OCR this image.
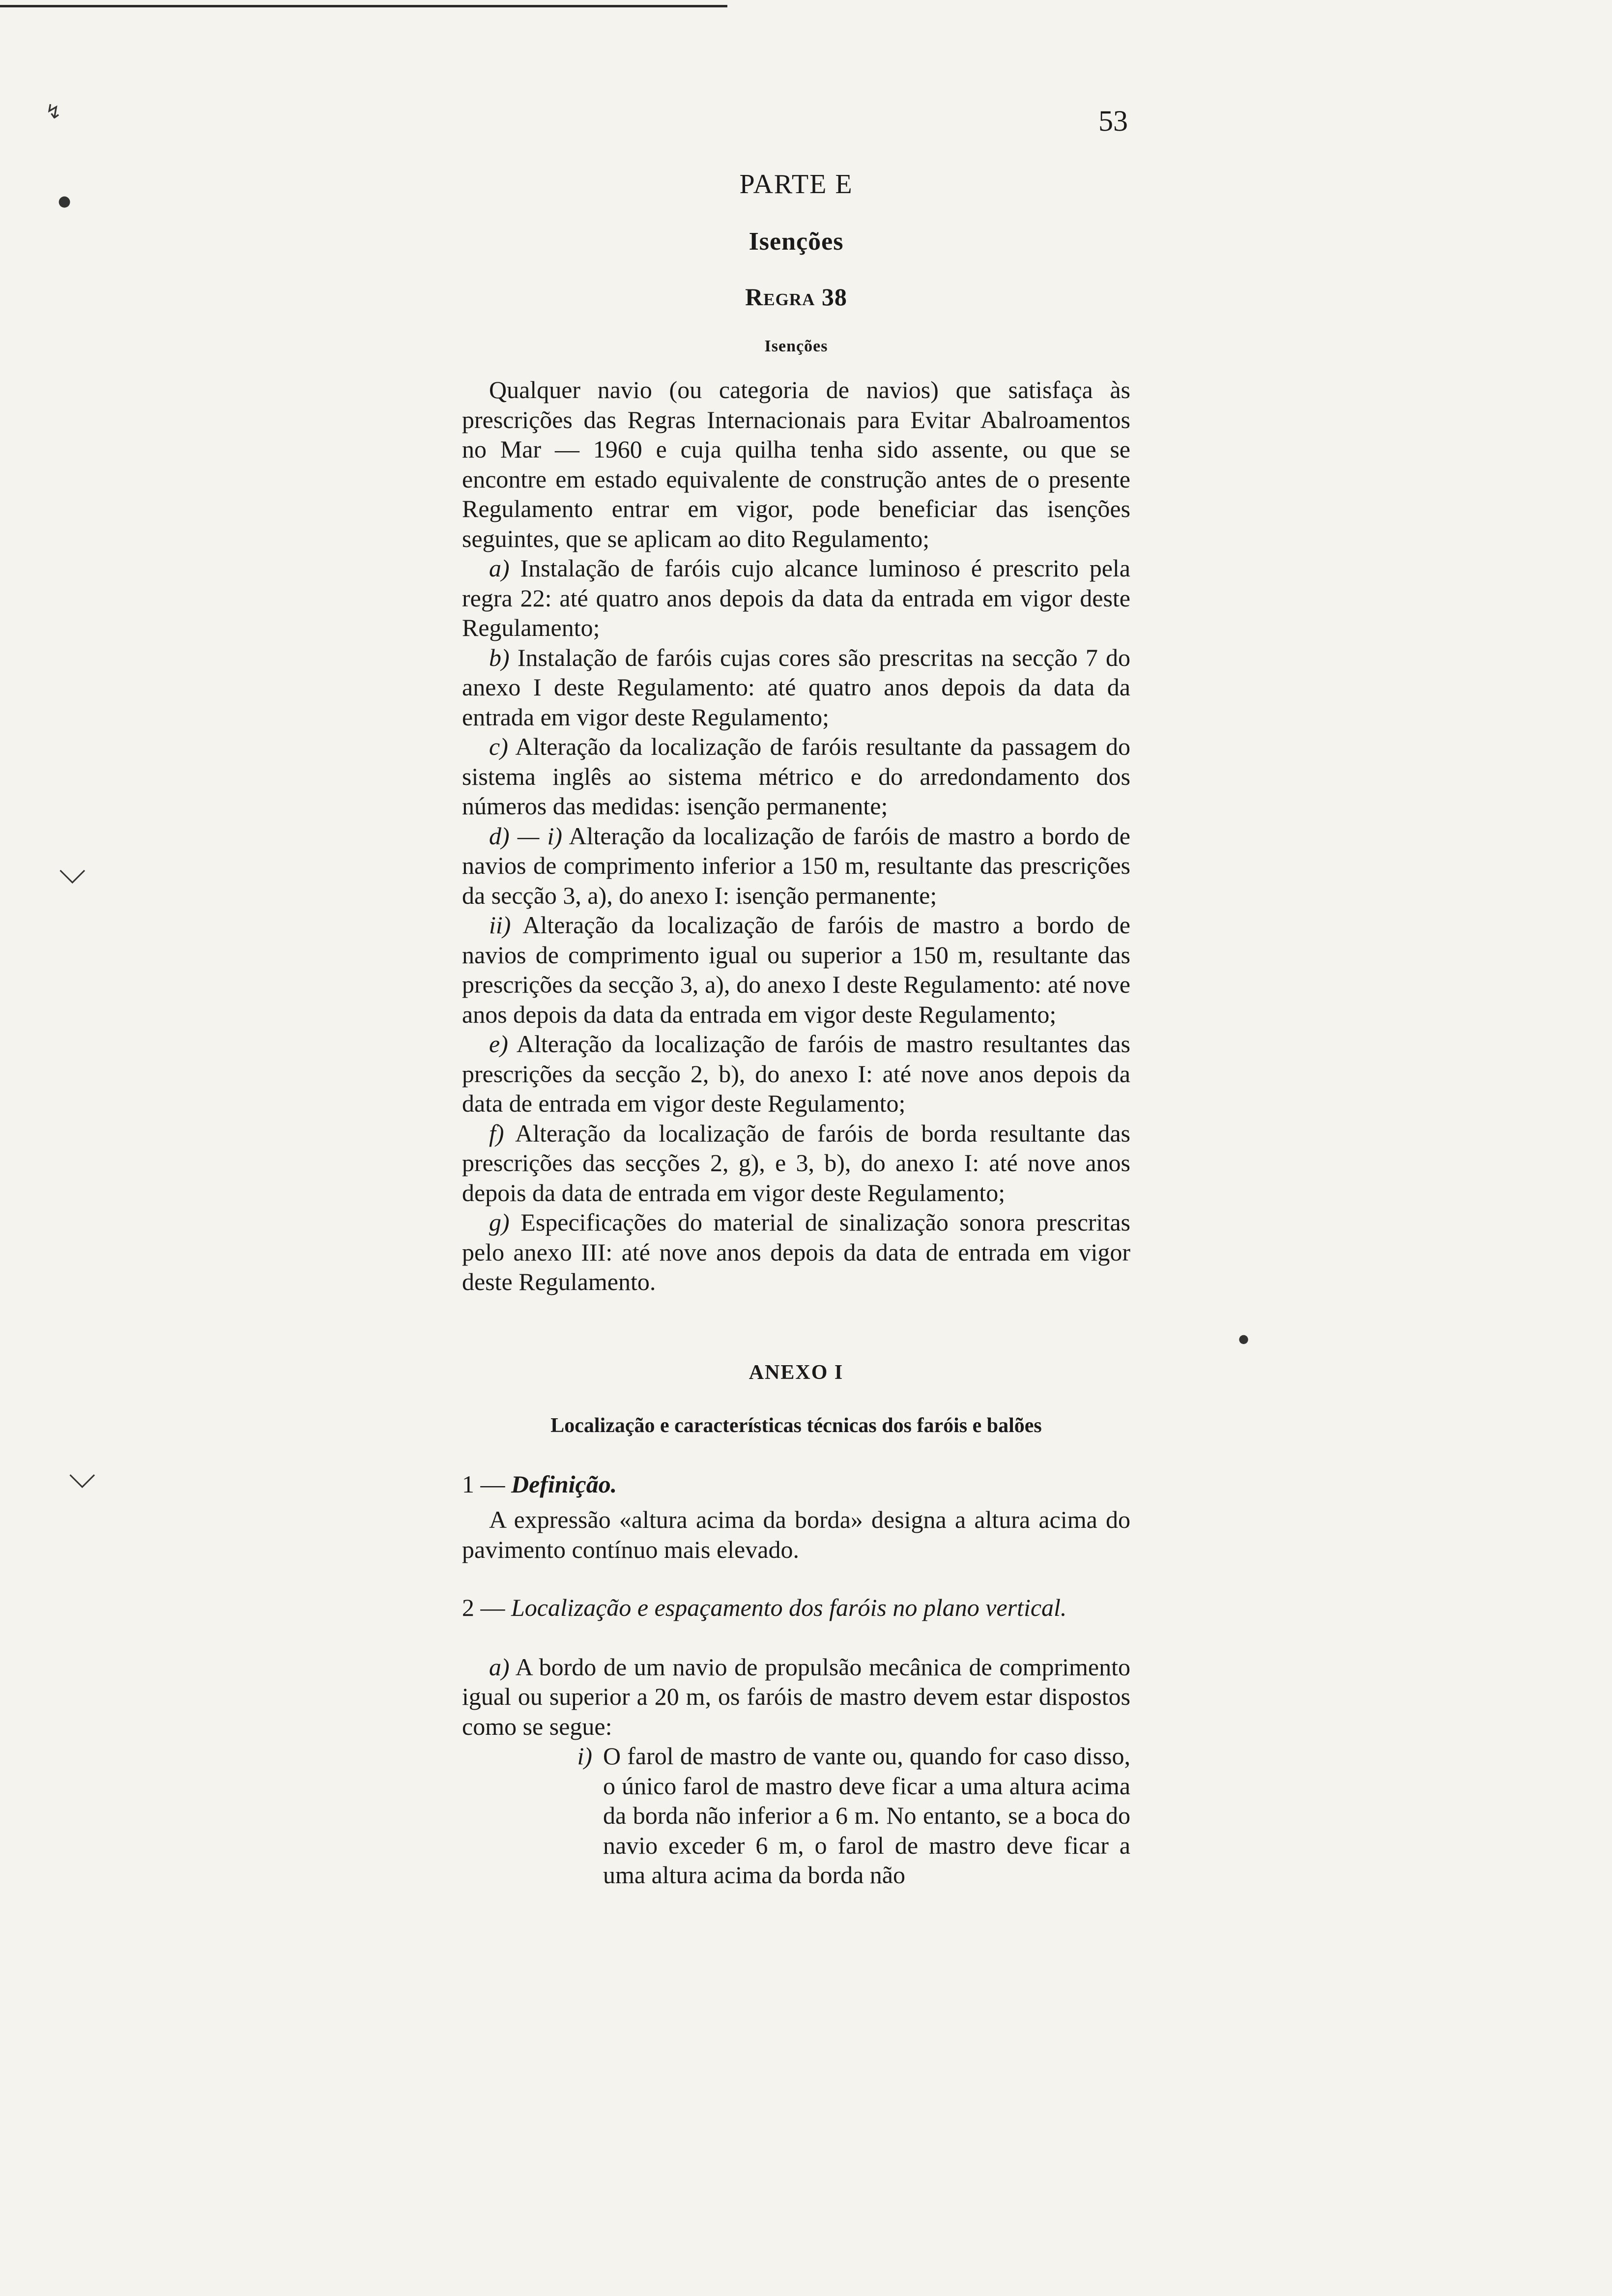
↯
●
⌵
⌵
●
53

PARTE E

Isenções

Regra 38

Isenções

Qualquer navio (ou categoria de navios) que satisfaça às prescrições das Regras Internacionais para Evitar Abalroamentos no Mar — 1960 e cuja quilha tenha sido assente, ou que se encontre em estado equivalente de construção antes de o presente Regulamento entrar em vigor, pode beneficiar das isenções seguintes, que se aplicam ao dito Regulamento;

a) Instalação de faróis cujo alcance luminoso é prescrito pela regra 22: até quatro anos depois da data da entrada em vigor deste Regulamento;

b) Instalação de faróis cujas cores são prescritas na secção 7 do anexo I deste Regulamento: até quatro anos depois da data da entrada em vigor deste Regulamento;

c) Alteração da localização de faróis resultante da passagem do sistema inglês ao sistema métrico e do arredondamento dos números das medidas: isenção permanente;

d) — i) Alteração da localização de faróis de mastro a bordo de navios de comprimento inferior a 150 m, resultante das prescrições da secção 3, a), do anexo I: isenção permanente;

ii) Alteração da localização de faróis de mastro a bordo de navios de comprimento igual ou superior a 150 m, resultante das prescrições da secção 3, a), do anexo I deste Regulamento: até nove anos depois da data da entrada em vigor deste Regulamento;

e) Alteração da localização de faróis de mastro resultantes das prescrições da secção 2, b), do anexo I: até nove anos depois da data de entrada em vigor deste Regulamento;

f) Alteração da localização de faróis de borda resultante das prescrições das secções 2, g), e 3, b), do anexo I: até nove anos depois da data de entrada em vigor deste Regulamento;

g) Especificações do material de sinalização sonora prescritas pelo anexo III: até nove anos depois da data de entrada em vigor deste Regulamento.

ANEXO I

Localização e características técnicas dos faróis e balões

1 — Definição.

A expressão «altura acima da borda» designa a altura acima do pavimento contínuo mais elevado.

2 — Localização e espaçamento dos faróis no plano vertical.

a) A bordo de um navio de propulsão mecânica de comprimento igual ou superior a 20 m, os faróis de mastro devem estar dispostos como se segue:

i) O farol de mastro de vante ou, quando for caso disso, o único farol de mastro deve ficar a uma altura acima da borda não inferior a 6 m. No entanto, se a boca do navio exceder 6 m, o farol de mastro deve ficar a uma altura acima da borda não
